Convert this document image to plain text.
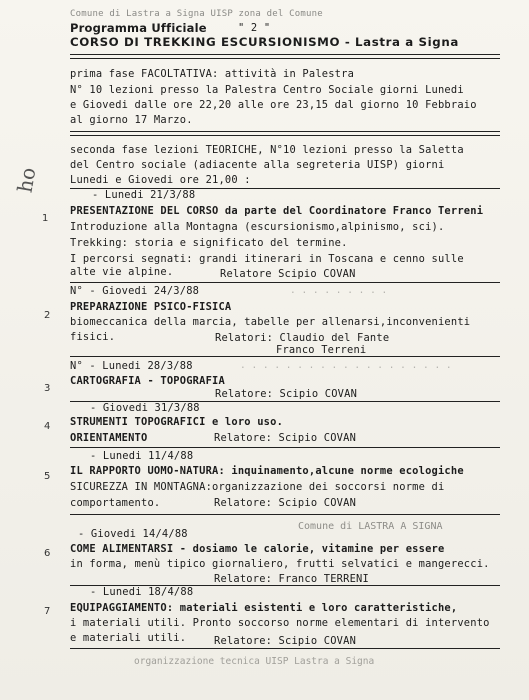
Comune di Lastra a Signa UISP zona del Comune
Programma Ufficiale	" 2 "
CORSO DI TREKKING ESCURSIONISMO - Lastra a Signa
prima fase FACOLTATIVA: attività in Palestra
N° 10 lezioni presso la Palestra Centro Sociale giorni Lunedi
e Giovedi dalle ore 22,20 alle ore 23,15 dal giorno 10 Febbraio
al giorno 17 Marzo.
seconda fase lezioni TEORICHE, N°10 lezioni presso la Saletta
del Centro sociale (adiacente alla segreteria UISP) giorni
Lunedi e Giovedi ore 21,00 :
ho
- Lunedi 21/3/88
1
PRESENTAZIONE DEL CORSO da parte del Coordinatore Franco Terreni
Introduzione alla Montagna (escursionismo,alpinismo, sci).
Trekking: storia e significato del termine.
I percorsi segnati: grandi itinerari in Toscana e cenno sulle
alte vie alpine.	Relatore Scipio COVAN
N° - Giovedi 24/3/88	. . . . . . . . .
2
PREPARAZIONE PSICO-FISICA
biomeccanica della marcia, tabelle per allenarsi,inconvenienti
fisici.	Relatori: Claudio del Fante
Franco Terreni
N° - Lunedi 28/3/88	. . . . . . . . . . . . . . . . . . .
3
CARTOGRAFIA - TOPOGRAFIA
Relatore: Scipio COVAN
- Giovedi 31/3/88
4 STRUMENTI TOPOGRAFICI e loro uso.
ORIENTAMENTO	Relatore: Scipio COVAN
- Lunedi 11/4/88
5 IL RAPPORTO UOMO-NATURA: inquinamento,alcune norme ecologiche
SICUREZZA IN MONTAGNA:organizzazione dei soccorsi norme di
comportamento.	Relatore: Scipio COVAN
Comune di LASTRA A SIGNA
- Giovedi 14/4/88
6 COME ALIMENTARSI - dosiamo le calorie, vitamine per essere
in forma, menù tipico giornaliero, frutti selvatici e mangerecci.
Relatore: Franco TERRENI
- Lunedi 18/4/88
7 EQUIPAGGIAMENTO: materiali esistenti e loro caratteristiche,
i materiali utili. Pronto soccorso norme elementari di intervento
e materiali utili.	Relatore: Scipio COVAN
organizzazione tecnica UISP Lastra a Signa
